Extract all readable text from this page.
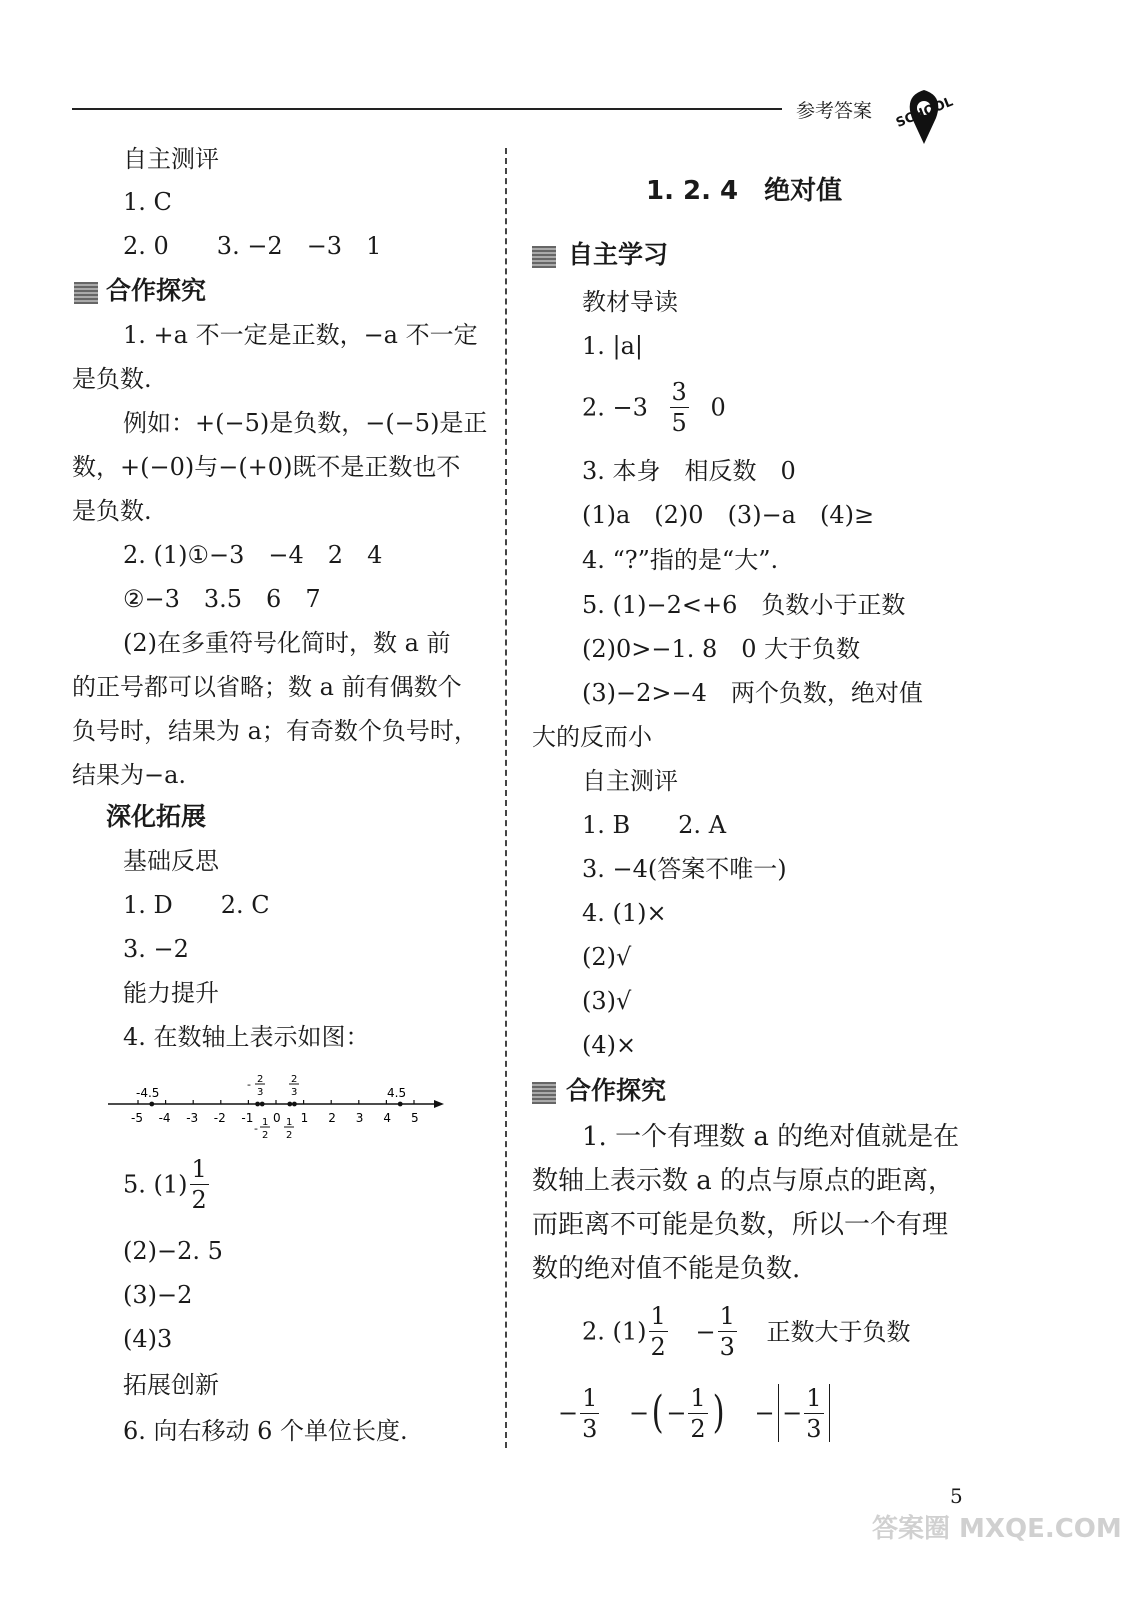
参考答案 SCHOOL
自主测评
1. C
2. 0　　3. −2　−3　1
合作探究
1. +a 不一定是正数，−a 不一定
是负数.
例如：+(−5)是负数，−(−5)是正
数，+(−0)与−(+0)既不是正数也不
是负数.
2. (1)①−3　−4　2　4
②−3　3.5　6　7
(2)在多重符号化简时，数 a 前
的正号都可以省略；数 a 前有偶数个
负号时，结果为 a；有奇数个负号时，
结果为−a.
深化拓展
基础反思
1. D　　2. C
3. −2
能力提升
4. 在数轴上表示如图：
-5 -4 -3 -2 -1 0 1 2 3 4 5
-4.5	4.5
- 2
3
2
3
- 1
2
1
2
5. $(1) \frac{1}{2}$
(2)−2. 5
(3)−2
(4)3
拓展创新
6. 向右移动 6 个单位长度.
1. 2. 4　绝对值
自主学习
教材导读
1. |a|
2. $-3 \frac{3}{5} 0$
3. 本身　相反数　0
(1)a　(2)0　(3)−a　(4)≥
4. “?”指的是“大”.
5. (1)−2<+6　负数小于正数
(2)0>−1. 8　0 大于负数
(3)−2>−4　两个负数，绝对值
大的反而小
自主测评
1. B　　2. A
3. −4(答案不唯一)
4. (1)×
(2)√
(3)√
(4)×
合作探究
1. 一个有理数 a 的绝对值就是在
数轴上表示数 a 的点与原点的距离，
而距离不可能是负数，所以一个有理
数的绝对值不能是负数.
2. $(1) \frac{1}{2} - \frac{1}{3}$ 正数大于负数
− $\frac{1}{3}$ −( − $\frac{1}{2}$ ) − − $\frac{1}{3}$
5
答案圈 MXQE.COM
